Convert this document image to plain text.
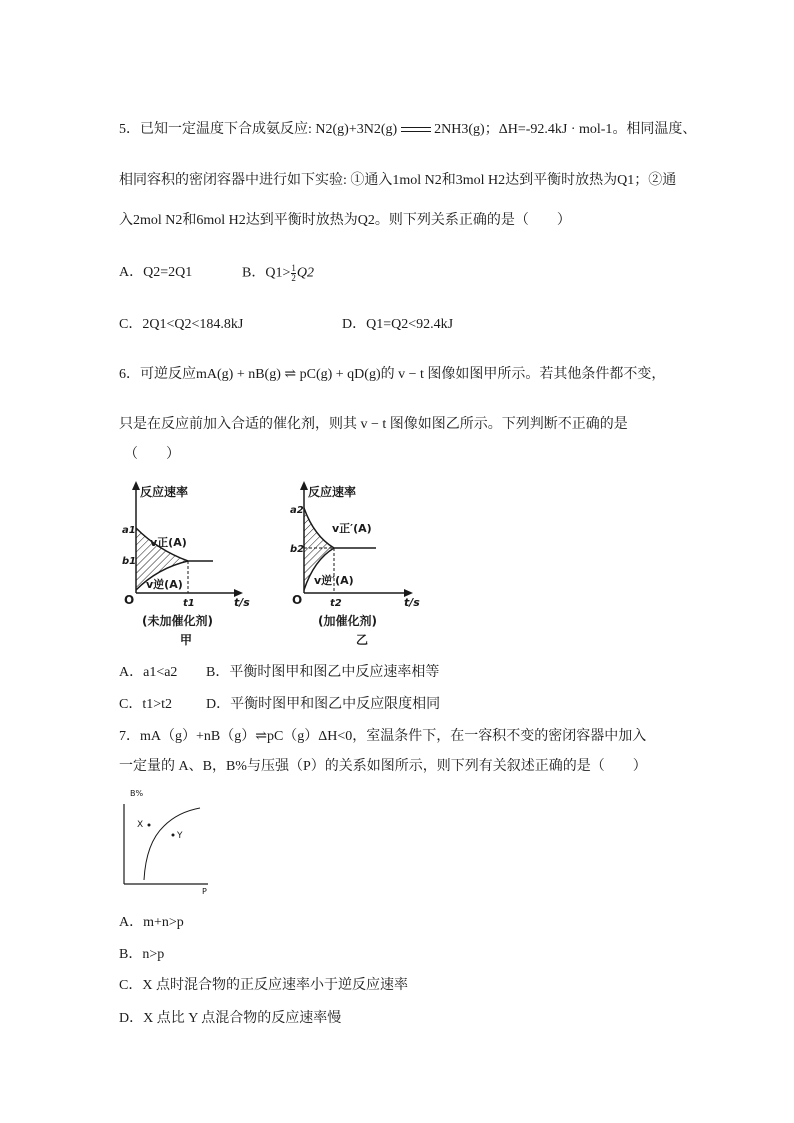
5．已知一定温度下合成氨反应: N2(g)+3N2(g)	2NH3(g)；ΔH=-92.4kJ · mol-1。相同温度、
相同容积的密闭容器中进行如下实验: ①通入1mol N2和3mol H2达到平衡时放热为Q1；②通
入2mol N2和6mol H2达到平衡时放热为Q2。则下列关系正确的是（　　）
A．Q2=2Q1	B．$Q1> \frac{1}{2} Q2$
C．2Q1<Q2<184.8kJ	D．Q1=Q2<92.4kJ
6．可逆反应mA(g) + nB(g) ⇌ pC(g) + qD(g)的 v − t 图像如图甲所示。若其他条件都不变，
只是在反应前加入合适的催化剂，则其 v − t 图像如图乙所示。下列判断不正确的是
（　　）
反应速率
a1
b1
v正(A)
v逆(A)
O	t1	t/s
(未加催化剂)
甲
反应速率
a2
b2
v正′(A)
v逆′(A)
O	t2	t/s
(加催化剂)
乙
A．a1<a2 B．平衡时图甲和图乙中反应速率相等
C．t1>t2 D．平衡时图甲和图乙中反应限度相同
7．mA（g）+nB（g）⇌pC（g）ΔH<0，室温条件下，在一容积不变的密闭容器中加入
一定量的 A、B，B%与压强（P）的关系如图所示，则下列有关叙述正确的是（　　）
B%
P
X
Y
A．m+n>p
B．n>p
C．X 点时混合物的正反应速率小于逆反应速率
D．X 点比 Y 点混合物的反应速率慢
